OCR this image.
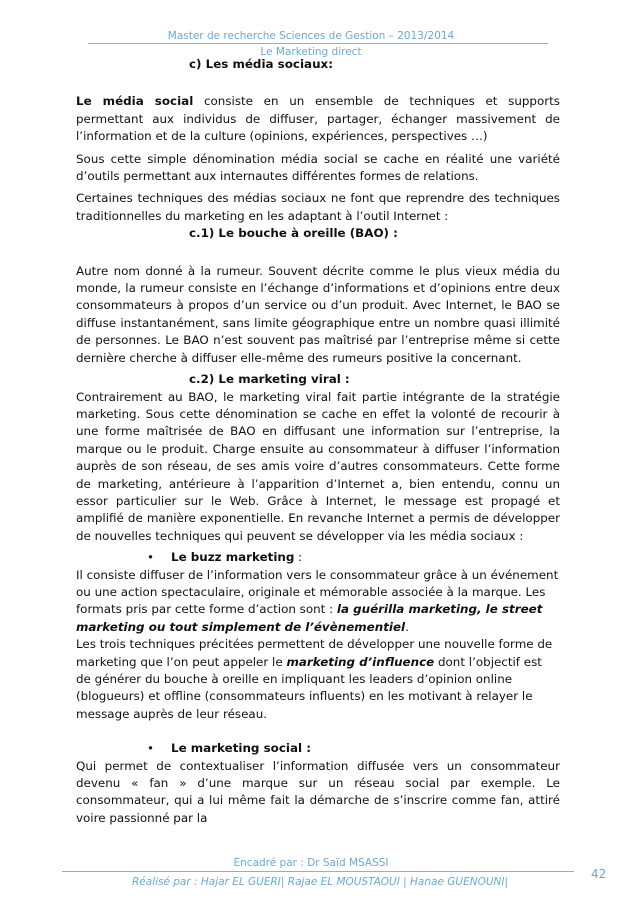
Master de recherche Sciences de Gestion – 2013/2014
Le Marketing direct

c) Les média sociaux:

Le média social consiste en un ensemble de techniques et supports permettant aux individus de diffuser, partager, échanger massivement de l’information et de la culture (opinions, expériences, perspectives …)

Sous cette simple dénomination média social se cache en réalité une variété d’outils permettant aux internautes différentes formes de relations.

Certaines techniques des médias sociaux ne font que reprendre des techniques traditionnelles du marketing en les adaptant à l’outil Internet :

c.1) Le bouche à oreille (BAO) :

Autre nom donné à la rumeur. Souvent décrite comme le plus vieux média du monde, la rumeur consiste en l’échange d’informations et d’opinions entre deux consommateurs à propos d’un service ou d’un produit. Avec Internet, le BAO se diffuse instantanément, sans limite géographique entre un nombre quasi illimité de personnes. Le BAO n’est souvent pas maîtrisé par l’entreprise même si cette dernière cherche à diffuser elle-même des rumeurs positive la concernant.

c.2) Le marketing viral :

Contrairement au BAO, le marketing viral fait partie intégrante de la stratégie marketing. Sous cette dénomination se cache en effet la volonté de recourir à une forme maîtrisée de BAO en diffusant une information sur l’entreprise, la marque ou le produit. Charge ensuite au consommateur à diffuser l’information auprès de son réseau, de ses amis voire d’autres consommateurs. Cette forme de marketing, antérieure à l’apparition d’Internet a, bien entendu, connu un essor particulier sur le Web. Grâce à Internet, le message est propagé et amplifié de manière exponentielle. En revanche Internet a permis de développer de nouvelles techniques qui peuvent se développer via les média sociaux :

• Le buzz marketing :

Il consiste diffuser de l’information vers le consommateur grâce à un événement ou une action spectaculaire, originale et mémorable associée à la marque. Les formats pris par cette forme d’action sont : la guérilla marketing, le street marketing ou tout simplement de l’évènementiel.

Les trois techniques précitées permettent de développer une nouvelle forme de marketing que l’on peut appeler le marketing d’influence dont l’objectif est de générer du bouche à oreille en impliquant les leaders d’opinion online (blogueurs) et offline (consommateurs influents) en les motivant à relayer le message auprès de leur réseau.

• Le marketing social :

Qui permet de contextualiser l’information diffusée vers un consommateur devenu « fan » d’une marque sur un réseau social par exemple. Le consommateur, qui a lui même fait la démarche de s’inscrire comme fan, attiré voire passionné par la

Encadré par : Dr Saïd MSASSI
Réalisé par : Hajar EL GUERI| Rajae EL MOUSTAOUI | Hanae GUENOUNI|
42
